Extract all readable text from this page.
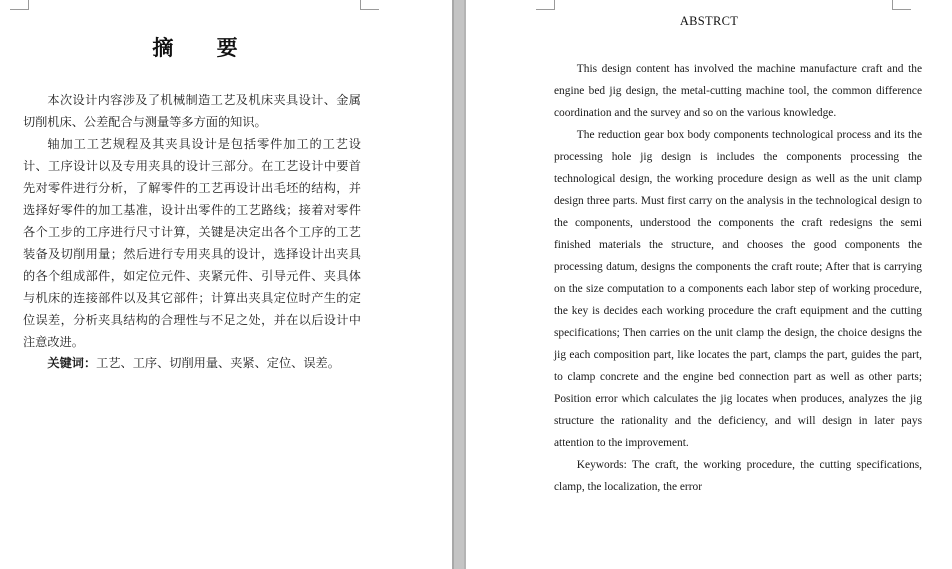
摘 要

本次设计内容涉及了机械制造工艺及机床夹具设计、金属切削机床、公差配合与测量等多方面的知识。

轴加工工艺规程及其夹具设计是包括零件加工的工艺设计、工序设计以及专用夹具的设计三部分。在工艺设计中要首先对零件进行分析，了解零件的工艺再设计出毛坯的结构，并选择好零件的加工基准，设计出零件的工艺路线；接着对零件各个工步的工序进行尺寸计算，关键是决定出各个工序的工艺装备及切削用量；然后进行专用夹具的设计，选择设计出夹具的各个组成部件，如定位元件、夹紧元件、引导元件、夹具体与机床的连接部件以及其它部件；计算出夹具定位时产生的定位误差，分析夹具结构的合理性与不足之处，并在以后设计中注意改进。

关键词：工艺、工序、切削用量、夹紧、定位、误差。
ABSTRCT

This design content has involved the machine manufacture craft and the engine bed jig design, the metal-cutting machine tool, the common difference coordination and the survey and so on the various knowledge.

The reduction gear box body components technological process and its the processing hole jig design is includes the components processing the technological design, the working procedure design as well as the unit clamp design three parts. Must first carry on the analysis in the technological design to the components, understood the components the craft redesigns the semi finished materials the structure, and chooses the good components the processing datum, designs the components the craft route; After that is carrying on the size computation to a components each labor step of working procedure, the key is decides each working procedure the craft equipment and the cutting specifications; Then carries on the unit clamp the design, the choice designs the jig each composition part, like locates the part, clamps the part, guides the part, to clamp concrete and the engine bed connection part as well as other parts; Position error which calculates the jig locates when produces, analyzes the jig structure the rationality and the deficiency, and will design in later pays attention to the improvement.

Keywords: The craft, the working procedure, the cutting specifications, clamp, the localization, the error
